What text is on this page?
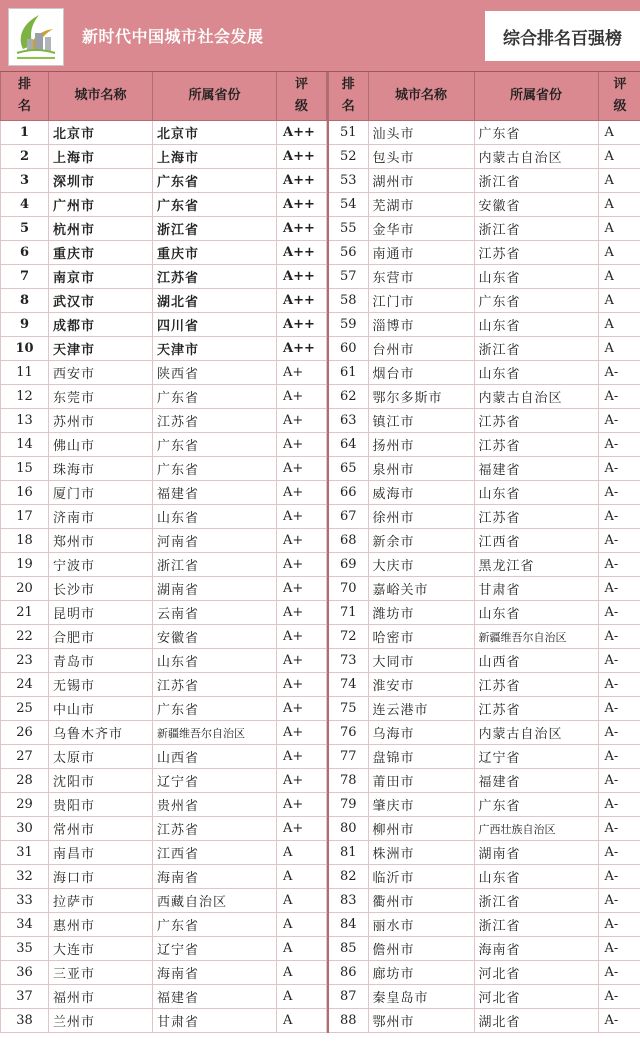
新时代中国城市社会发展	综合排名百强榜
排名	城市名称	所属省份	评级
1	北京市	北京市	A++
2	上海市	上海市	A++
3	深圳市	广东省	A++
4	广州市	广东省	A++
5	杭州市	浙江省	A++
6	重庆市	重庆市	A++
7	南京市	江苏省	A++
8	武汉市	湖北省	A++
9	成都市	四川省	A++
10	天津市	天津市	A++
11	西安市	陕西省	A+
12	东莞市	广东省	A+
13	苏州市	江苏省	A+
14	佛山市	广东省	A+
15	珠海市	广东省	A+
16	厦门市	福建省	A+
17	济南市	山东省	A+
18	郑州市	河南省	A+
19	宁波市	浙江省	A+
20	长沙市	湖南省	A+
21	昆明市	云南省	A+
22	合肥市	安徽省	A+
23	青岛市	山东省	A+
24	无锡市	江苏省	A+
25	中山市	广东省	A+
26	乌鲁木齐市	新疆维吾尔自治区	A+
27	太原市	山西省	A+
28	沈阳市	辽宁省	A+
29	贵阳市	贵州省	A+
30	常州市	江苏省	A+
31	南昌市	江西省	A
32	海口市	海南省	A
33	拉萨市	西藏自治区	A
34	惠州市	广东省	A
35	大连市	辽宁省	A
36	三亚市	海南省	A
37	福州市	福建省	A
38	兰州市	甘肃省	A
排名	城市名称	所属省份	评级
51	汕头市	广东省	A
52	包头市	内蒙古自治区	A
53	湖州市	浙江省	A
54	芜湖市	安徽省	A
55	金华市	浙江省	A
56	南通市	江苏省	A
57	东营市	山东省	A
58	江门市	广东省	A
59	淄博市	山东省	A
60	台州市	浙江省	A
61	烟台市	山东省	A-
62	鄂尔多斯市	内蒙古自治区	A-
63	镇江市	江苏省	A-
64	扬州市	江苏省	A-
65	泉州市	福建省	A-
66	威海市	山东省	A-
67	徐州市	江苏省	A-
68	新余市	江西省	A-
69	大庆市	黑龙江省	A-
70	嘉峪关市	甘肃省	A-
71	潍坊市	山东省	A-
72	哈密市	新疆维吾尔自治区	A-
73	大同市	山西省	A-
74	淮安市	江苏省	A-
75	连云港市	江苏省	A-
76	乌海市	内蒙古自治区	A-
77	盘锦市	辽宁省	A-
78	莆田市	福建省	A-
79	肇庆市	广东省	A-
80	柳州市	广西壮族自治区	A-
81	株洲市	湖南省	A-
82	临沂市	山东省	A-
83	衢州市	浙江省	A-
84	丽水市	浙江省	A-
85	儋州市	海南省	A-
86	廊坊市	河北省	A-
87	秦皇岛市	河北省	A-
88	鄂州市	湖北省	A-
